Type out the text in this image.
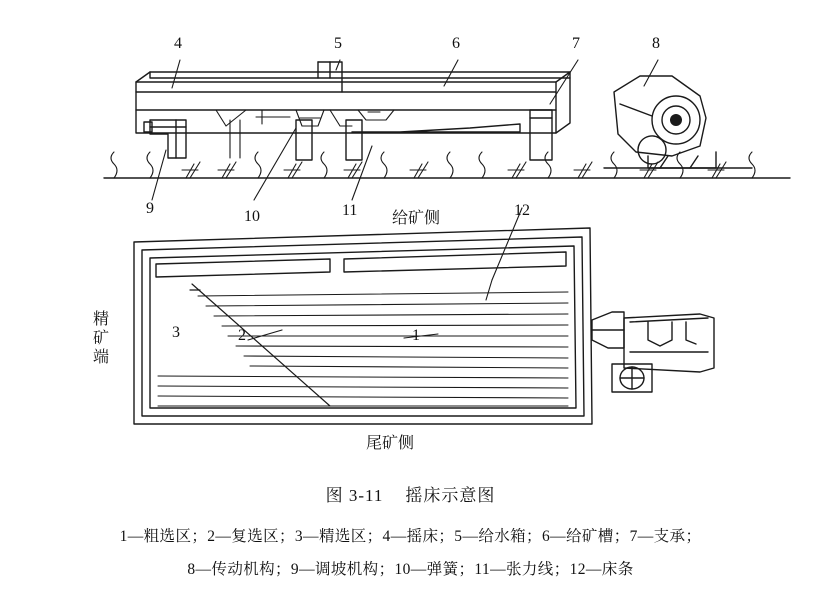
4	5	6	7	8
9	10	11	12
给矿侧
尾矿侧
精矿端
3	2	1
图 3-11 摇床示意图
1—粗选区；2—复选区；3—精选区；4—摇床；5—给水箱；6—给矿槽；7—支承；
8—传动机构；9—调坡机构；10—弹簧；11—张力线；12—床条
